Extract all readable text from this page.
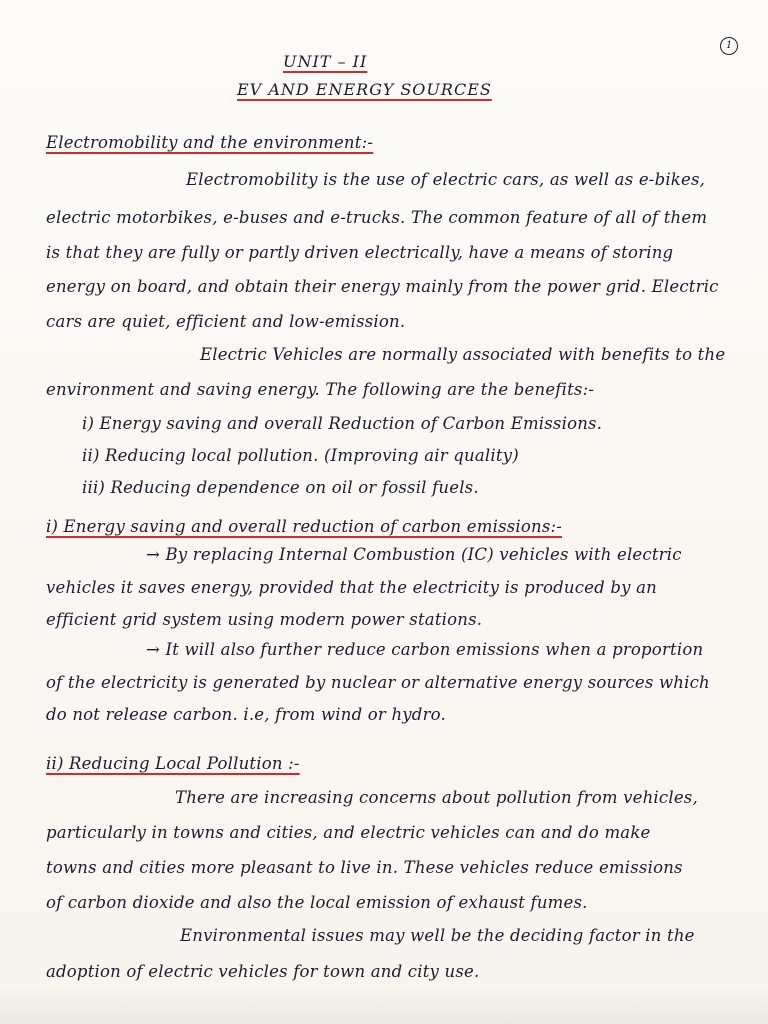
1
UNIT – II
EV AND ENERGY SOURCES
Electromobility and the environment:-
Electromobility is the use of electric cars, as well as e-bikes,
electric motorbikes, e-buses and e-trucks. The common feature of all of them
is that they are fully or partly driven electrically, have a means of storing
energy on board, and obtain their energy mainly from the power grid. Electric
cars are quiet, efficient and low-emission.
Electric Vehicles are normally associated with benefits to the
environment and saving energy. The following are the benefits:-
i) Energy saving and overall Reduction of Carbon Emissions.
ii) Reducing local pollution. (Improving air quality)
iii) Reducing dependence on oil or fossil fuels.
i) Energy saving and overall reduction of carbon emissions:-
→ By replacing Internal Combustion (IC) vehicles with electric
vehicles it saves energy, provided that the electricity is produced by an
efficient grid system using modern power stations.
→ It will also further reduce carbon emissions when a proportion
of the electricity is generated by nuclear or alternative energy sources which
do not release carbon. i.e, from wind or hydro.
ii) Reducing Local Pollution :-
There are increasing concerns about pollution from vehicles,
particularly in towns and cities, and electric vehicles can and do make
towns and cities more pleasant to live in. These vehicles reduce emissions
of carbon dioxide and also the local emission of exhaust fumes.
Environmental issues may well be the deciding factor in the
adoption of electric vehicles for town and city use.
